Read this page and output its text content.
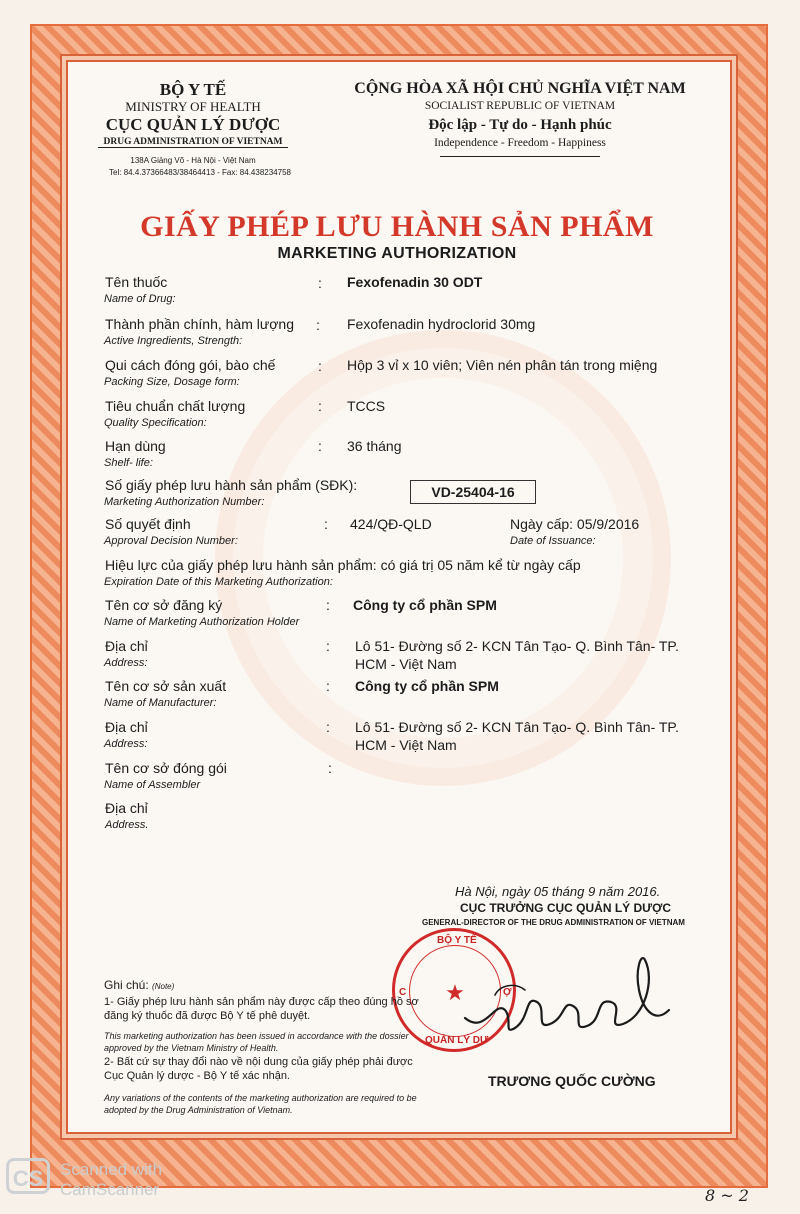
BỘ Y TẾ
MINISTRY OF HEALTH
CỤC QUẢN LÝ DƯỢC
DRUG ADMINISTRATION OF VIETNAM
138A Giảng Võ - Hà Nội - Việt Nam
Tel: 84.4.37366483/38464413 - Fax: 84.438234758
CỘNG HÒA XÃ HỘI CHỦ NGHĨA VIỆT NAM
SOCIALIST REPUBLIC OF VIETNAM
Độc lập - Tự do - Hạnh phúc
Independence - Freedom - Happiness
GIẤY PHÉP LƯU HÀNH SẢN PHẨM
MARKETING AUTHORIZATION
Tên thuốc
Name of Drug:
: Fexofenadin 30 ODT
Thành phần chính, hàm lượng
Active Ingredients, Strength:
: Fexofenadin hydroclorid 30mg
Qui cách đóng gói, bào chế
Packing Size, Dosage form:
: Hộp 3 vỉ x 10 viên; Viên nén phân tán trong miệng
Tiêu chuẩn chất lượng
Quality Specification:
: TCCS
Hạn dùng
Shelf- life:
: 36 tháng
Số giấy phép lưu hành sản phẩm (SĐK):
Marketing Authorization Number:
VD-25404-16
Số quyết định
Approval Decision Number:
: 424/QĐ-QLD	Ngày cấp: 05/9/2016
Date of Issuance:
Hiệu lực của giấy phép lưu hành sản phẩm: có giá trị 05 năm kể từ ngày cấp
Expiration Date of this Marketing Authorization:
Tên cơ sở đăng ký
Name of Marketing Authorization Holder
: Công ty cổ phần SPM
Địa chỉ
Address:
: Lô 51- Đường số 2- KCN Tân Tạo- Q. Bình Tân- TP.
HCM - Việt Nam
Tên cơ sở sản xuất
Name of Manufacturer:
: Công ty cổ phần SPM
Địa chỉ
Address:
: Lô 51- Đường số 2- KCN Tân Tạo- Q. Bình Tân- TP.
HCM - Việt Nam
Tên cơ sở đóng gói
Name of Assembler
:
Địa chỉ
Address.
Hà Nội, ngày 05 tháng 9 năm 2016.
CỤC TRƯỞNG CỤC QUẢN LÝ DƯỢC
GENERAL-DIRECTOR OF THE DRUG ADMINISTRATION OF VIETNAM
★
BỘ Y TẾ
QUẢN LÝ DƯ
C	Ợ
TRƯƠNG QUỐC CƯỜNG
Ghi chú: (Note)
1- Giấy phép lưu hành sản phẩm này được cấp theo đúng hồ sơ
đăng ký thuốc đã được Bộ Y tế phê duyệt.
This marketing authorization has been issued in accordance with the dossier
approved by the Vietnam Ministry of Health.
2- Bất cứ sự thay đổi nào về nội dung của giấy phép phải được
Cục Quản lý dược - Bộ Y tế xác nhận.
Any variations of the contents of the marketing authorization are required to be
adopted by the Drug Administration of Vietnam.
CS Scanned with
CamScanner	8 ~ 2
